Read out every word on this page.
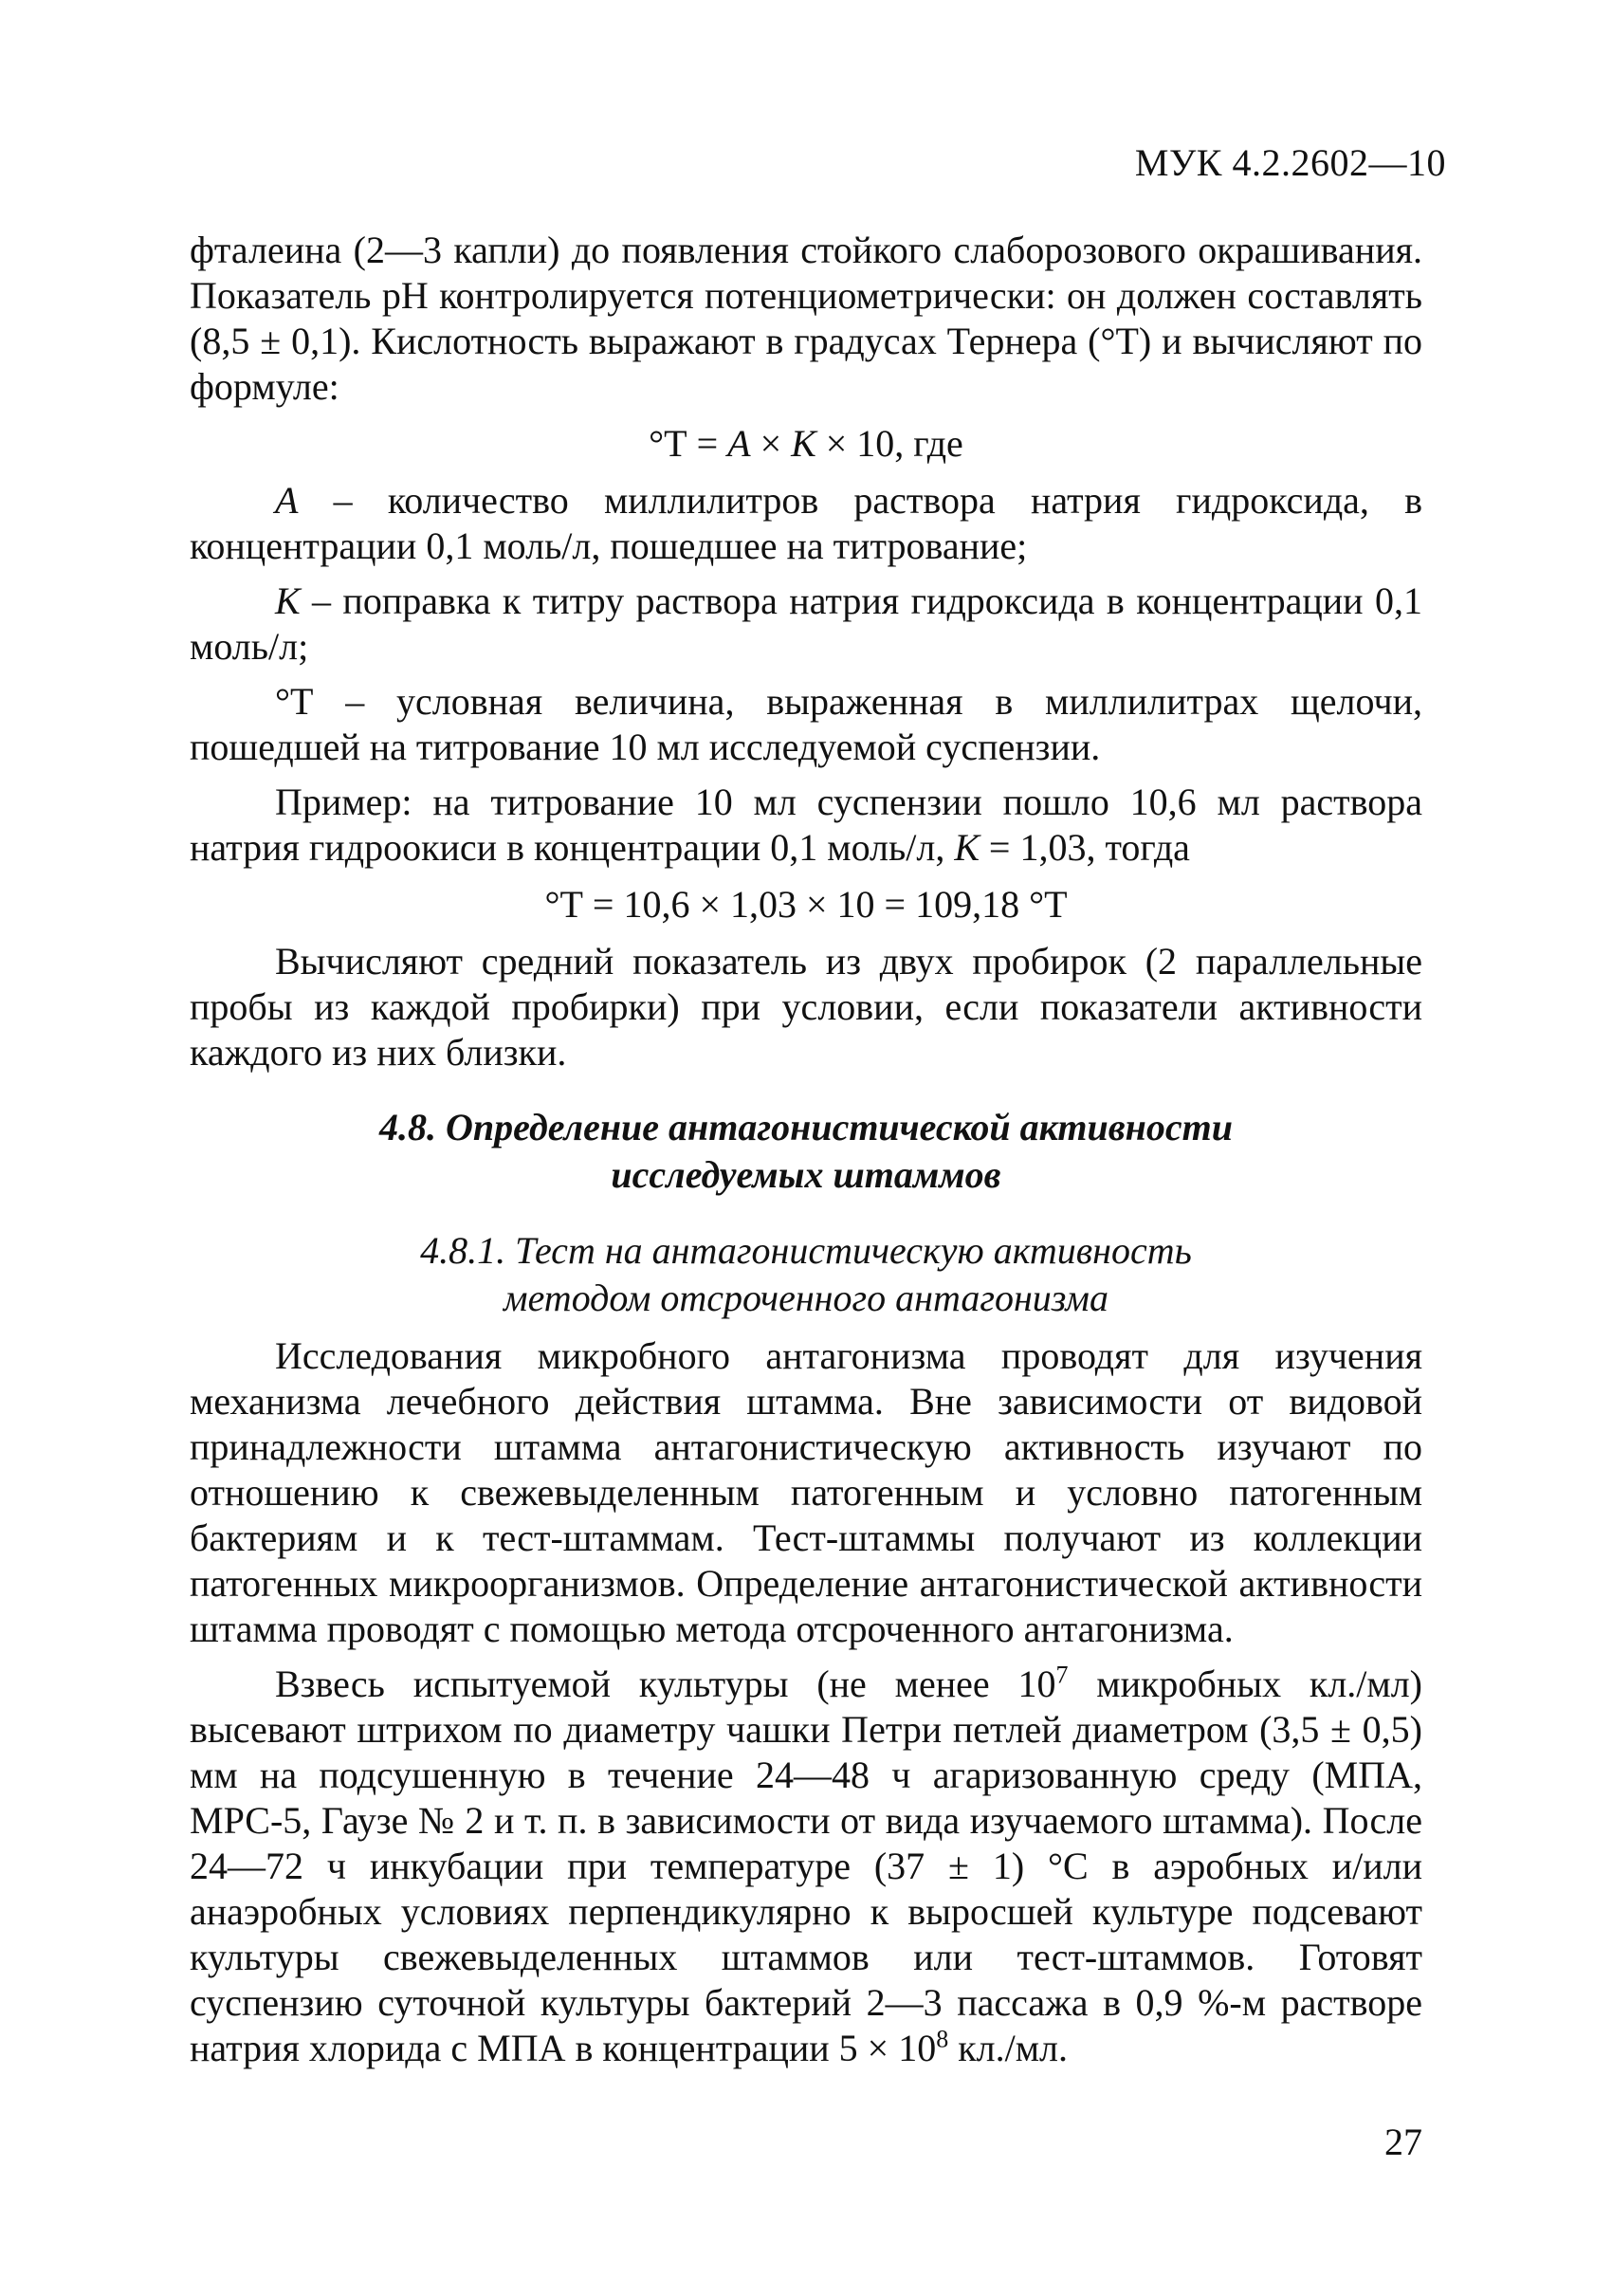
МУК 4.2.2602—10

фталеина (2—3 капли) до появления стойкого слаборозового окрашивания. Показатель рН контролируется потенциометрически: он должен составлять (8,5 ± 0,1). Кислотность выражают в градусах Тернера (°Т) и вычисляют по формуле:

°Т = А × К × 10, где

А – количество миллилитров раствора натрия гидроксида, в концентрации 0,1 моль/л, пошедшее на титрование;

К – поправка к титру раствора натрия гидроксида в концентрации 0,1 моль/л;

°Т – условная величина, выраженная в миллилитрах щелочи, пошедшей на титрование 10 мл исследуемой суспензии.

Пример: на титрование 10 мл суспензии пошло 10,6 мл раствора натрия гидроокиси в концентрации 0,1 моль/л, К = 1,03, тогда

°Т = 10,6 × 1,03 × 10 = 109,18 °Т

Вычисляют средний показатель из двух пробирок (2 параллельные пробы из каждой пробирки) при условии, если показатели активности каждого из них близки.

4.8. Определение антагонистической активности
исследуемых штаммов
4.8.1. Тест на антагонистическую активность
методом отсроченного антагонизма

Исследования микробного антагонизма проводят для изучения механизма лечебного действия штамма. Вне зависимости от видовой принадлежности штамма антагонистическую активность изучают по отношению к свежевыделенным патогенным и условно патогенным бактериям и к тест-штаммам. Тест-штаммы получают из коллекции патогенных микроорганизмов. Определение антагонистической активности штамма проводят с помощью метода отсроченного антагонизма.

Взвесь испытуемой культуры (не менее $10^7$ микробных кл./мл) высевают штрихом по диаметру чашки Петри петлей диаметром (3,5 ± 0,5) мм на подсушенную в течение 24—48 ч агаризованную среду (МПА, МРС-5, Гаузе № 2 и т. п. в зависимости от вида изучаемого штамма). После 24—72 ч инкубации при температуре (37 ± 1) °С в аэробных и/или анаэробных условиях перпендикулярно к выросшей культуре подсевают культуры свежевыделенных штаммов или тест-штаммов. Готовят суспензию суточной культуры бактерий 2—3 пассажа в 0,9 %-м растворе натрия хлорида с МПА в концентрации $5 \times 10^8$ кл./мл.

27
